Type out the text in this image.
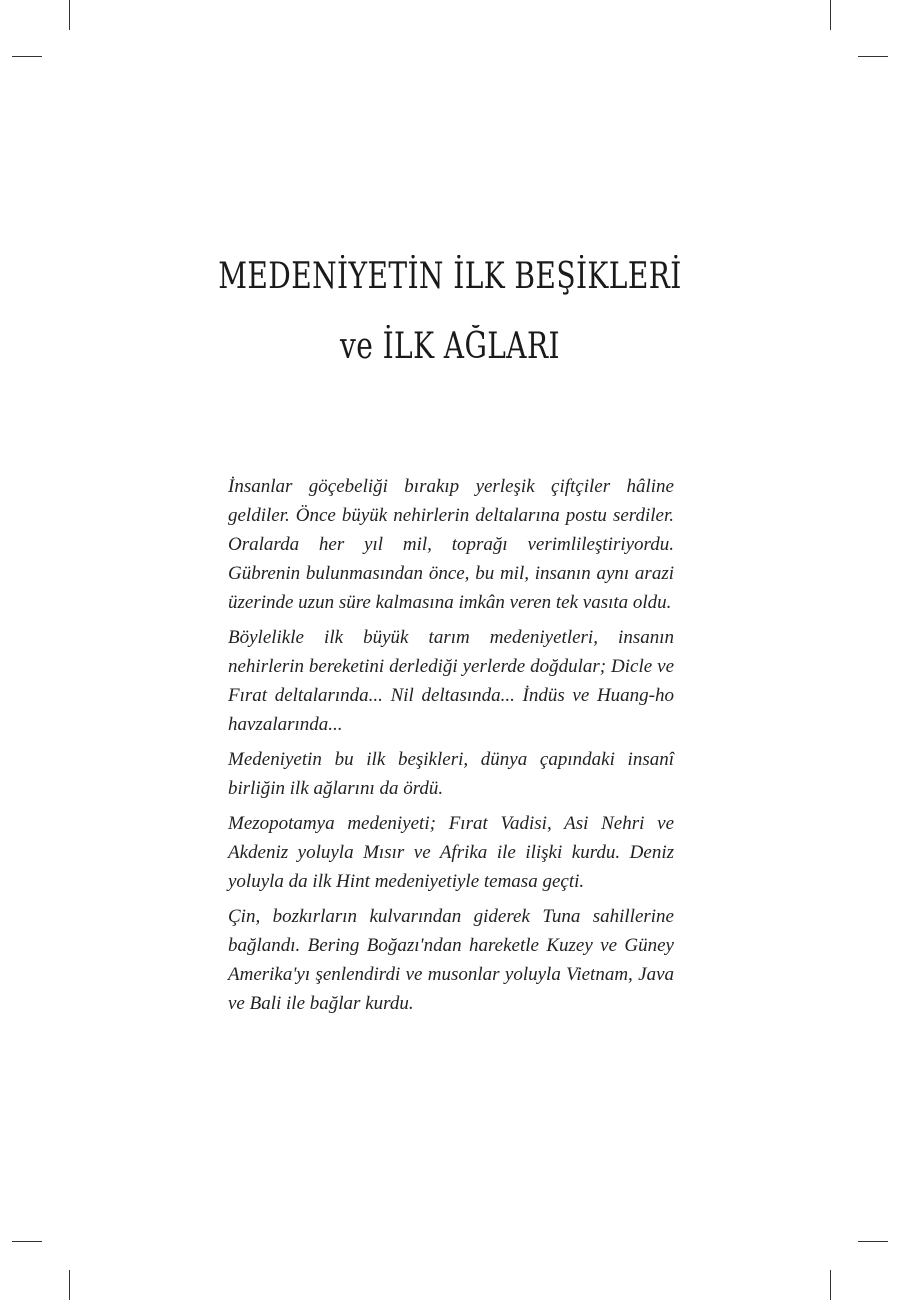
MEDENİYETİN İLK BEŞİKLERİ
ve İLK AĞLARI

İnsanlar göçebeliği bırakıp yerleşik çiftçiler hâline geldiler. Önce büyük nehirlerin deltalarına postu serdiler. Oralarda her yıl mil, toprağı verimlileştiriyordu. Gübrenin bulunmasından önce, bu mil, insanın aynı arazi üzerinde uzun süre kalmasına imkân veren tek vasıta oldu.

Böylelikle ilk büyük tarım medeniyetleri, insanın nehirlerin bereketini derlediği yerlerde doğdular; Dicle ve Fırat deltalarında... Nil deltasında... İndüs ve Huang-ho havzalarında...

Medeniyetin bu ilk beşikleri, dünya çapındaki insanî birliğin ilk ağlarını da ördü.

Mezopotamya medeniyeti; Fırat Vadisi, Asi Nehri ve Akdeniz yoluyla Mısır ve Afrika ile ilişki kurdu. Deniz yoluyla da ilk Hint medeniyetiyle temasa geçti.

Çin, bozkırların kulvarından giderek Tuna sahillerine bağlandı. Bering Boğazı'ndan hareketle Kuzey ve Güney Amerika'yı şenlendirdi ve musonlar yoluyla Vietnam, Java ve Bali ile bağlar kurdu.
